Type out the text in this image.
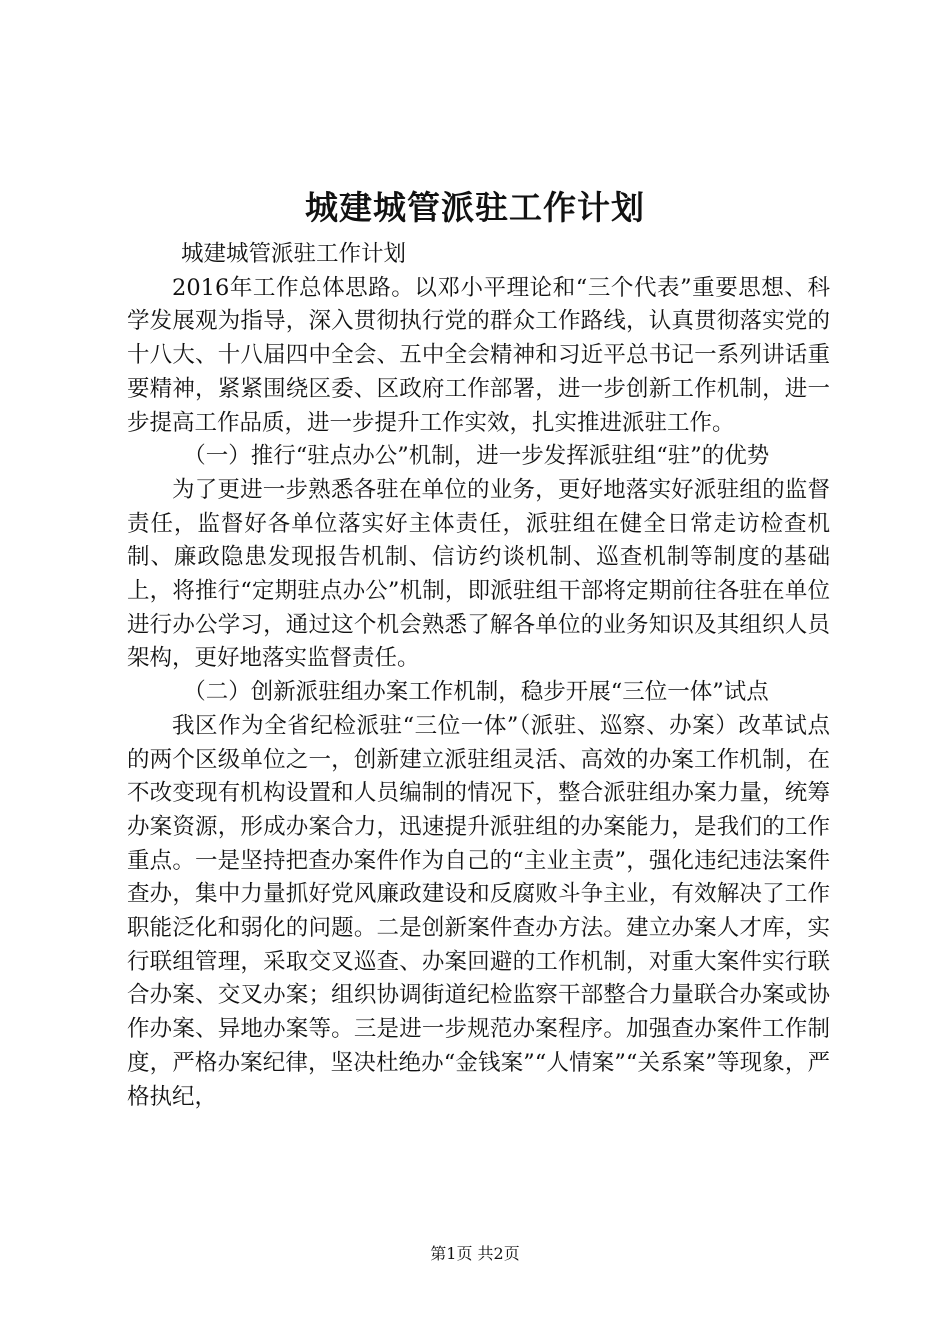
城建城管派驻工作计划

城建城管派驻工作计划

2016年工作总体思路。以邓小平理论和“三个代表”重要思想、科学发展观为指导，深入贯彻执行党的群众工作路线，认真贯彻落实党的十八大、十八届四中全会、五中全会精神和习近平总书记一系列讲话重要精神，紧紧围绕区委、区政府工作部署，进一步创新工作机制，进一步提高工作品质，进一步提升工作实效，扎实推进派驻工作。

（一）推行“驻点办公”机制，进一步发挥派驻组“驻”的优势

为了更进一步熟悉各驻在单位的业务，更好地落实好派驻组的监督责任，监督好各单位落实好主体责任，派驻组在健全日常走访检查机制、廉政隐患发现报告机制、信访约谈机制、巡查机制等制度的基础上，将推行“定期驻点办公”机制，即派驻组干部将定期前往各驻在单位进行办公学习，通过这个机会熟悉了解各单位的业务知识及其组织人员架构，更好地落实监督责任。

（二）创新派驻组办案工作机制，稳步开展“三位一体”试点

我区作为全省纪检派驻“三位一体”（派驻、巡察、办案）改革试点的两个区级单位之一，创新建立派驻组灵活、高效的办案工作机制，在不改变现有机构设置和人员编制的情况下，整合派驻组办案力量，统筹办案资源，形成办案合力，迅速提升派驻组的办案能力，是我们的工作重点。一是坚持把查办案件作为自己的“主业主责”，强化违纪违法案件查办，集中力量抓好党风廉政建设和反腐败斗争主业，有效解决了工作职能泛化和弱化的问题。二是创新案件查办方法。建立办案人才库，实行联组管理，采取交叉巡查、办案回避的工作机制，对重大案件实行联合办案、交叉办案；组织协调街道纪检监察干部整合力量联合办案或协作办案、异地办案等。三是进一步规范办案程序。加强查办案件工作制度，严格办案纪律，坚决杜绝办“金钱案”“人情案”“关系案”等现象，严格执纪，

第1页 共2页
